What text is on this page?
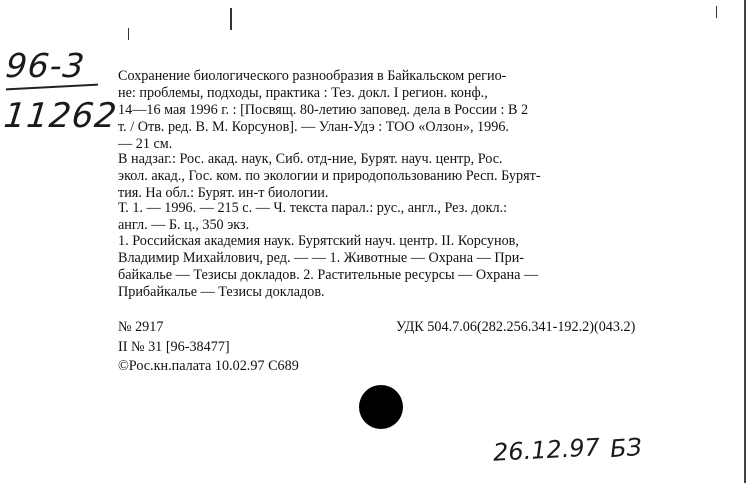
96-3
11262
Сохранение биологического разнообразия в Байкальском регио-
не: проблемы, подходы, практика : Тез. докл. I регион. конф.,
14—16 мая 1996 г. : [Посвящ. 80-летию заповед. дела в России : В 2
т. / Отв. ред. В. М. Корсунов]. — Улан-Удэ : ТОО «Олзон», 1996.
— 21 см.
В надзаг.: Рос. акад. наук, Сиб. отд-ние, Бурят. науч. центр, Рос.
экол. акад., Гос. ком. по экологии и природопользованию Респ. Бурят-
тия. На обл.: Бурят. ин-т биологии.
Т. 1. — 1996. — 215 с. — Ч. текста парал.: рус., англ., Рез. докл.:
англ. — Б. ц., 350 экз.
1. Российская академия наук. Бурятский науч. центр. II. Корсунов,
Владимир Михайлович, ред. — — 1. Животные — Охрана — При-
байкалье — Тезисы докладов. 2. Растительные ресурсы — Охрана —
Прибайкалье — Тезисы докладов.
№ 2917	УДК 504.7.06(282.256.341-192.2)(043.2)
II № 31 [96-38477]
©Рос.кн.палата 10.02.97 С689
26.12.97 БЗ
